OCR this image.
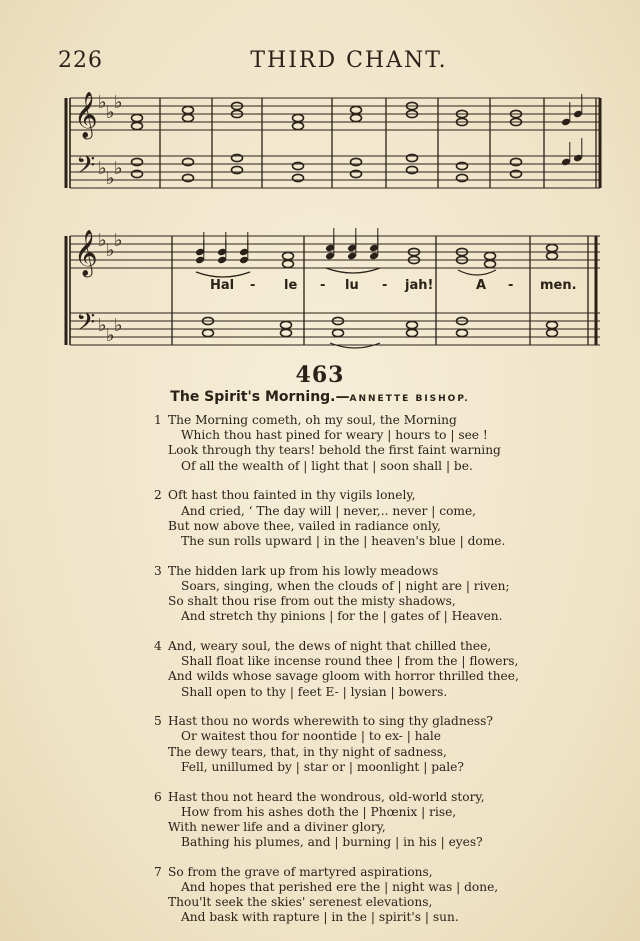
226	THIRD CHANT.
𝄞
𝄢
♭ ♭ ♭
♭ ♭ ♭
𝄞
𝄢
♭ ♭ ♭
♭ ♭ ♭
Hal - le - lu - jah!	A - men.
463
The Spirit's Morning.—ANNETTE BISHOP.
1 The Morning cometh, oh my soul, the Morning
Which thou hast pined for weary | hours to | see !
Look through thy tears! behold the first faint warning
Of all the wealth of | light that | soon shall | be.
2 Oft hast thou fainted in thy vigils lonely,
And cried, ‘ The day will | never,.. never | come,
But now above thee, vailed in radiance only,
The sun rolls upward | in the | heaven's blue | dome.
3 The hidden lark up from his lowly meadows
Soars, singing, when the clouds of | night are | riven;
So shalt thou rise from out the misty shadows,
And stretch thy pinions | for the | gates of | Heaven.
4 And, weary soul, the dews of night that chilled thee,
Shall float like incense round thee | from the | flowers,
And wilds whose savage gloom with horror thrilled thee,
Shall open to thy | feet E- | lysian | bowers.
5 Hast thou no words wherewith to sing thy gladness?
Or waitest thou for noontide | to ex- | hale
The dewy tears, that, in thy night of sadness,
Fell, unillumed by | star or | moonlight | pale?
6 Hast thou not heard the wondrous, old-world story,
How from his ashes doth the | Phœnix | rise,
With newer life and a diviner glory,
Bathing his plumes, and | burning | in his | eyes?
7 So from the grave of martyred aspirations,
And hopes that perished ere the | night was | done,
Thou'lt seek the skies' serenest elevations,
And bask with rapture | in the | spirit's | sun.
